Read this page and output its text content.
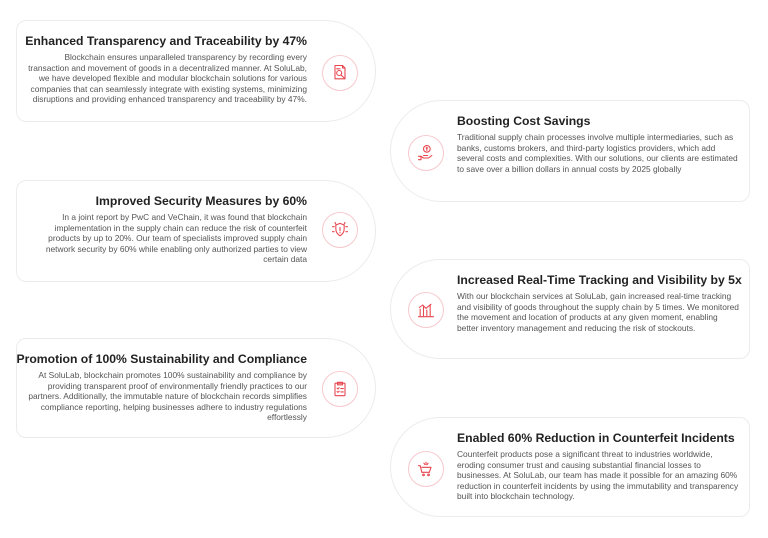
Enhanced Transparency and Traceability by 47%

Blockchain ensures unparalleled transparency by recording every transaction and movement of goods in a decentralized manner. At SoluLab, we have developed flexible and modular blockchain solutions for various companies that can seamlessly integrate with existing systems, minimizing disruptions and providing enhanced transparency and traceability by 47%.

Boosting Cost Savings

Traditional supply chain processes involve multiple intermediaries, such as banks, customs brokers, and third-party logistics providers, which add several costs and complexities. With our solutions, our clients are estimated to save over a billion dollars in annual costs by 2025 globally

Improved Security Measures by 60%

In a joint report by PwC and VeChain, it was found that blockchain implementation in the supply chain can reduce the risk of counterfeit products by up to 20%. Our team of specialists improved supply chain network security by 60% while enabling only authorized parties to view certain data

Increased Real-Time Tracking and Visibility by 5x

With our blockchain services at SoluLab, gain increased real-time tracking and visibility of goods throughout the supply chain by 5 times. We monitored the movement and location of products at any given moment, enabling better inventory management and reducing the risk of stockouts.

Promotion of 100% Sustainability and Compliance

At SoluLab, blockchain promotes 100% sustainability and compliance by providing transparent proof of environmentally friendly practices to our partners. Additionally, the immutable nature of blockchain records simplifies compliance reporting, helping businesses adhere to industry regulations effortlessly

Enabled 60% Reduction in Counterfeit Incidents

Counterfeit products pose a significant threat to industries worldwide, eroding consumer trust and causing substantial financial losses to businesses. At SoluLab, our team has made it possible for an amazing 60% reduction in counterfeit incidents by using the immutability and transparency built into blockchain technology.
